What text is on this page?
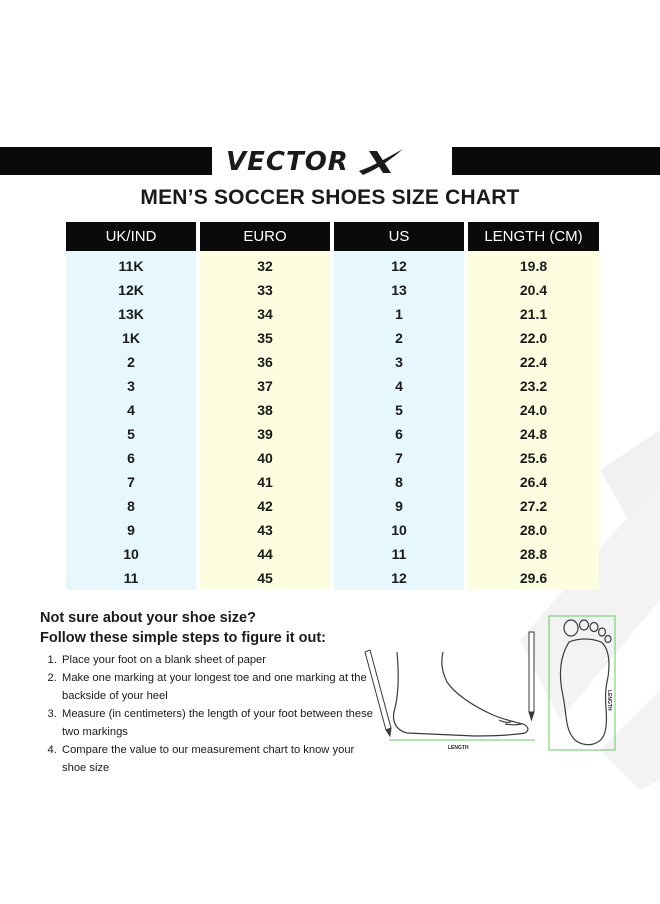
VECTOR
MEN’S SOCCER SHOES SIZE CHART
UK/IND	EURO	US	LENGTH (CM)
11K	32	12	19.8
12K	33	13	20.4
13K	34	1	21.1
1K	35	2	22.0
2	36	3	22.4
3	37	4	23.2
4	38	5	24.0
5	39	6	24.8
6	40	7	25.6
7	41	8	26.4
8	42	9	27.2
9	43	10	28.0
10	44	11	28.8
11	45	12	29.6
Not sure about your shoe size?
Follow these simple steps to figure it out:
1. Place your foot on a blank sheet of paper
2. Make one marking at your longest toe and one marking at the backside of your heel
3. Measure (in centimeters) the length of your foot between these two markings
4. Compare the value to our measurement chart to know your shoe size
LENGTH
LENGTH
